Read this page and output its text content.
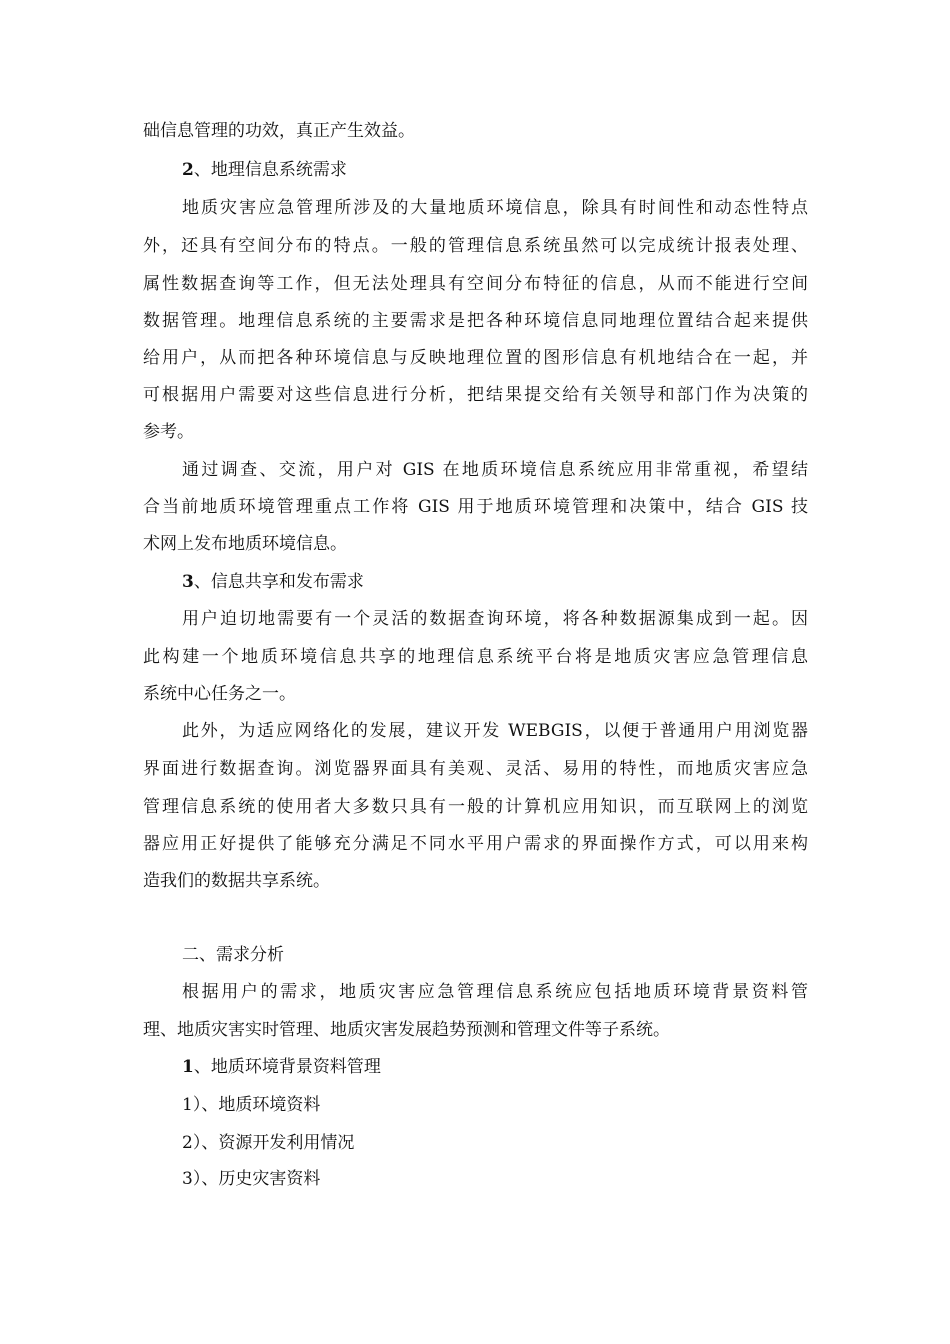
础信息管理的功效，真正产生效益。
2、地理信息系统需求
地质灾害应急管理所涉及的大量地质环境信息，除具有时间性和动态性特点
外，还具有空间分布的特点。一般的管理信息系统虽然可以完成统计报表处理、
属性数据查询等工作，但无法处理具有空间分布特征的信息，从而不能进行空间
数据管理。地理信息系统的主要需求是把各种环境信息同地理位置结合起来提供
给用户，从而把各种环境信息与反映地理位置的图形信息有机地结合在一起，并
可根据用户需要对这些信息进行分析，把结果提交给有关领导和部门作为决策的
参考。
通过调查、交流，用户对 GIS 在地质环境信息系统应用非常重视，希望结
合当前地质环境管理重点工作将 GIS 用于地质环境管理和决策中，结合 GIS 技
术网上发布地质环境信息。
3、信息共享和发布需求
用户迫切地需要有一个灵活的数据查询环境，将各种数据源集成到一起。因
此构建一个地质环境信息共享的地理信息系统平台将是地质灾害应急管理信息
系统中心任务之一。
此外，为适应网络化的发展，建议开发 WEBGIS，以便于普通用户用浏览器
界面进行数据查询。浏览器界面具有美观、灵活、易用的特性，而地质灾害应急
管理信息系统的使用者大多数只具有一般的计算机应用知识，而互联网上的浏览
器应用正好提供了能够充分满足不同水平用户需求的界面操作方式，可以用来构
造我们的数据共享系统。
二、需求分析
根据用户的需求，地质灾害应急管理信息系统应包括地质环境背景资料管
理、地质灾害实时管理、地质灾害发展趋势预测和管理文件等子系统。
1、地质环境背景资料管理
1）、地质环境资料
2）、资源开发利用情况
3）、历史灾害资料
